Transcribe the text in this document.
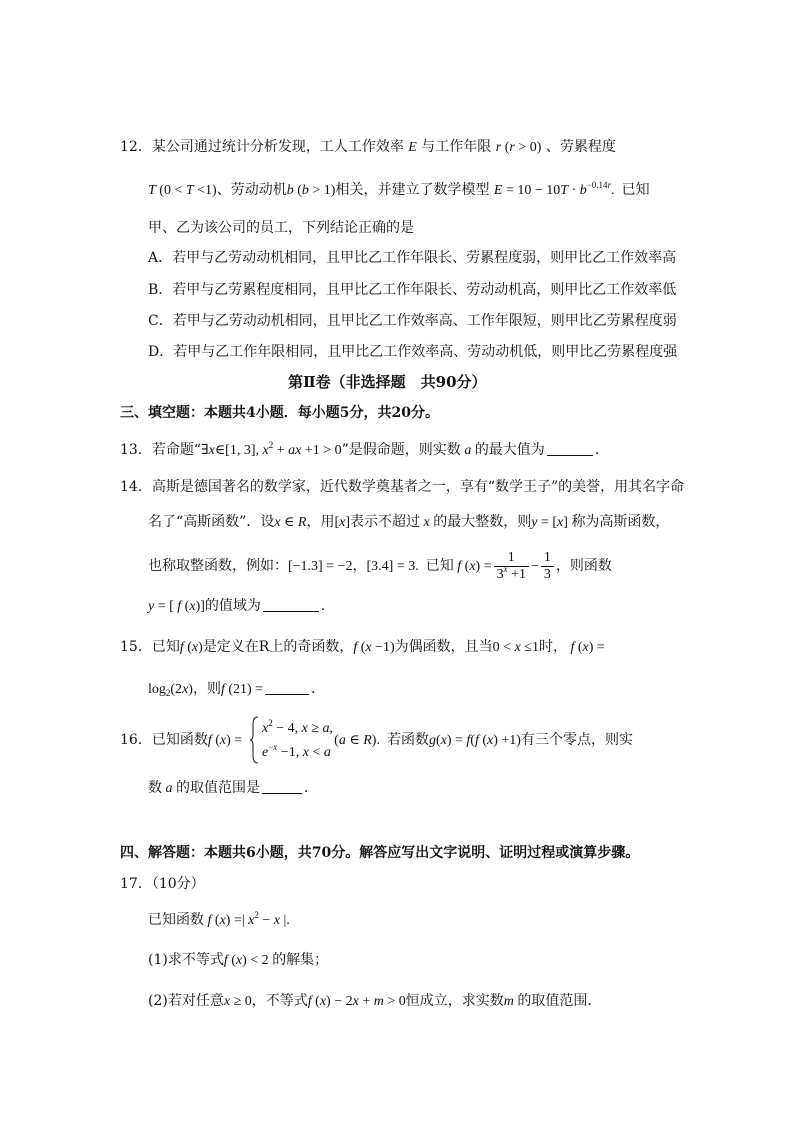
12．某公司通过统计分析发现，工人工作效率 E 与工作年限 r (r > 0) 、劳累程度
T (0 < T <1)、劳动动机b (b > 1)相关，并建立了数学模型 $E = 10 - 10T \cdot b^{-0.14r}$.  已知
甲、乙为该公司的员工，下列结论正确的是
A．若甲与乙劳动动机相同，且甲比乙工作年限长、劳累程度弱，则甲比乙工作效率高
B．若甲与乙劳累程度相同，且甲比乙工作年限长、劳动动机高，则甲比乙工作效率低
C．若甲与乙劳动动机相同，且甲比乙工作效率高、工作年限短，则甲比乙劳累程度弱
D．若甲与乙工作年限相同，且甲比乙工作效率高、劳动动机低，则甲比乙劳累程度强
第Ⅱ卷（非选择题　共90分）
三、填空题：本题共4小题．每小题5分，共20分。
13．若命题“∃x∈[1, 3], $x^2$ + ax +1 > 0”是假命题，则实数 a 的最大值为	．
14．高斯是德国著名的数学家，近代数学奠基者之一，享有“数学王子”的美誉，用其名字命
名了“高斯函数”．设x ∈ R，用[x]表示不超过 x 的最大整数，则y = [x] 称为高斯函数，
也称取整函数，例如：[−1.3] = −2，[3.4] = 3.  已知 f $(x) = \frac{1}{3^x +1} - \frac{1}{3}$ ，则函数
y = [ f (x)]的值域为	．
15．已知f (x)是定义在R上的奇函数，f (x −1)为偶函数，且当0 < x ≤1时， f (x) =
$\log_2(2x)$，则f (21) =	．
16．已知函数f (x) =	(a ∈ R).  若函数g(x) = f(f (x) +1)有三个零点，则实
$x^2 - 4$, x ≥ a,
$e^{-x} -1$, x < a
数 a 的取值范围是	．
四、解答题：本题共6小题，共70分。解答应写出文字说明、证明过程或演算步骤。
17．（10分）
已知函数 f (x) =| $x^2 - x$ |.
(1)求不等式f (x) < 2 的解集；
(2)若对任意x ≥ 0，不等式f (x) − 2x + m > 0恒成立，求实数m 的取值范围．
